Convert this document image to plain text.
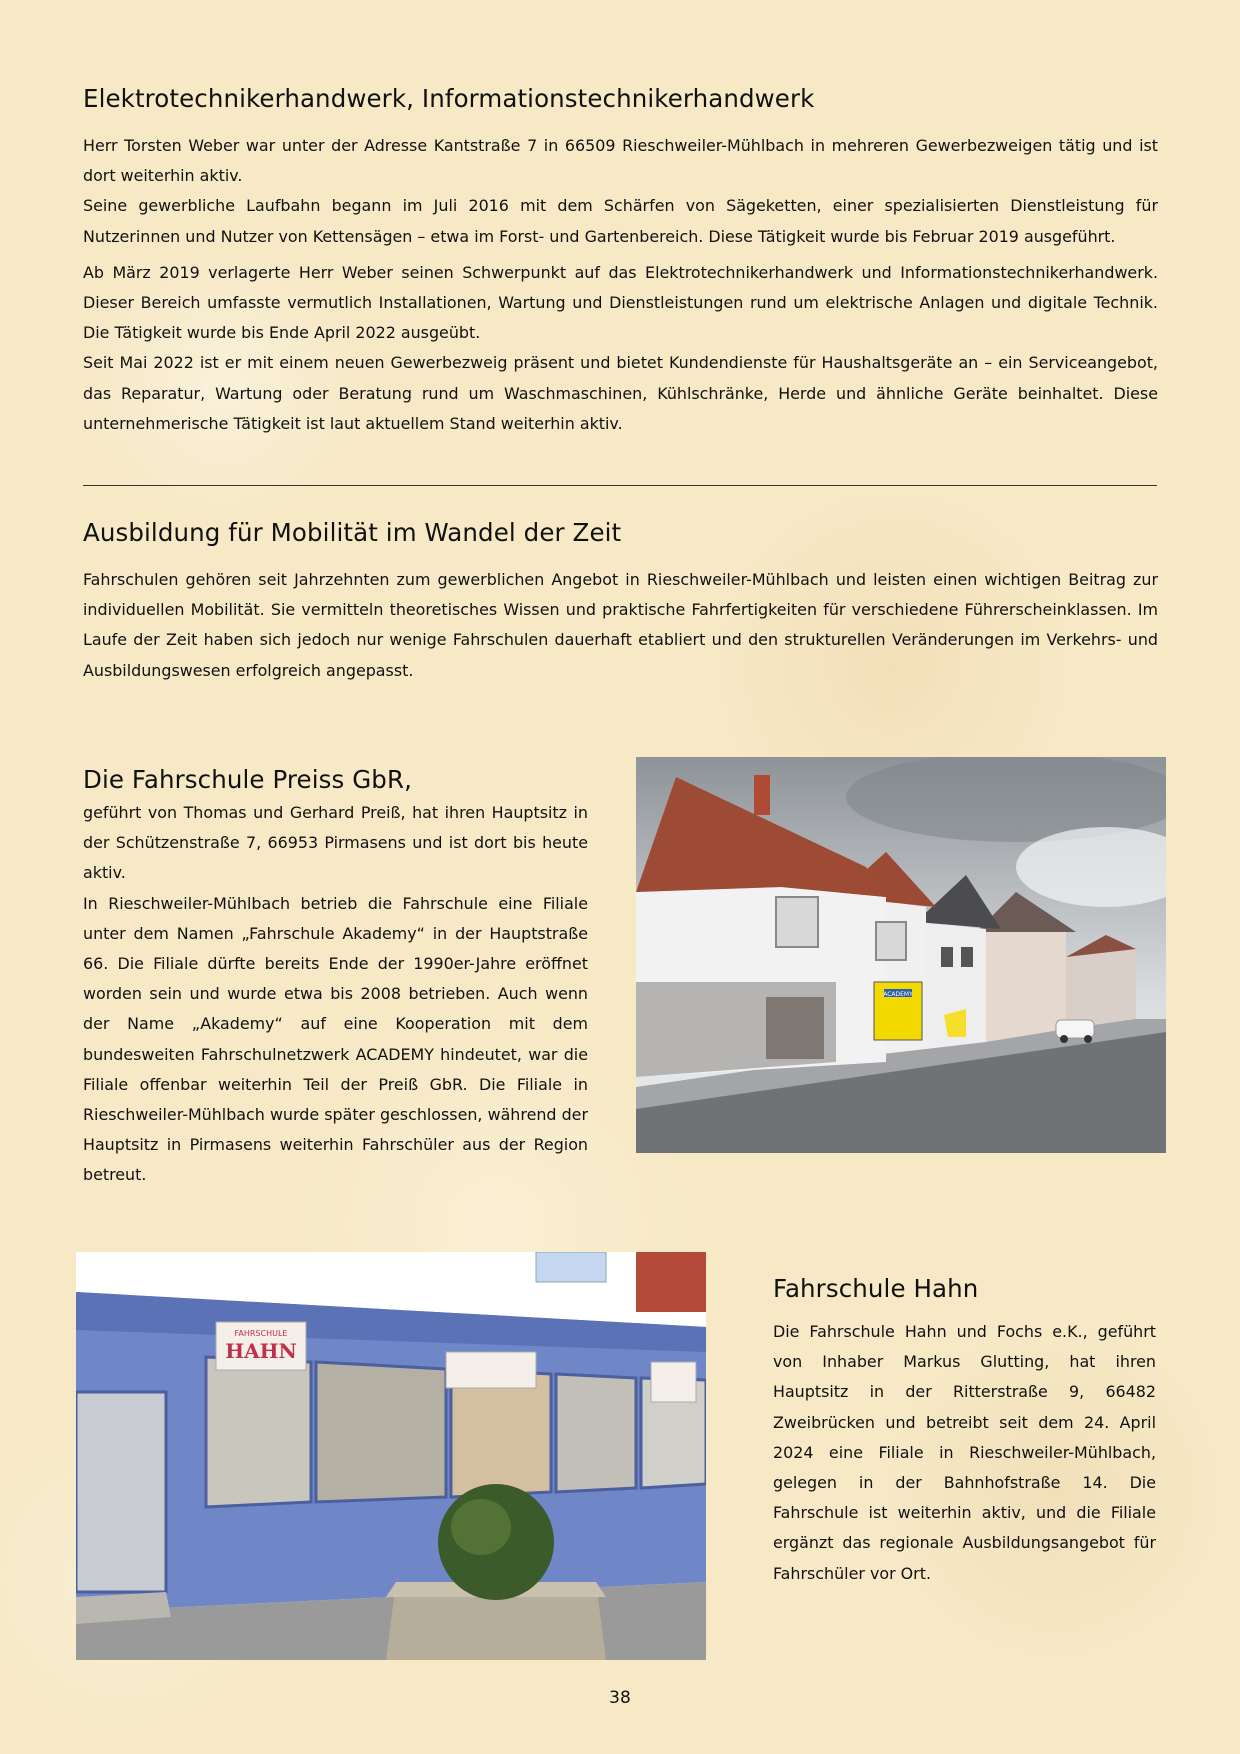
Elektrotechnikerhandwerk, Informationstechnikerhandwerk

Herr Torsten Weber war unter der Adresse Kantstraße 7 in 66509 Rieschweiler-Mühlbach in mehreren Gewerbezweigen tätig und ist dort weiterhin aktiv.

Seine gewerbliche Laufbahn begann im Juli 2016 mit dem Schärfen von Sägeketten, einer spezialisierten Dienstleistung für Nutzerinnen und Nutzer von Kettensägen – etwa im Forst- und Gartenbereich. Diese Tätigkeit wurde bis Februar 2019 ausgeführt.

Ab März 2019 verlagerte Herr Weber seinen Schwerpunkt auf das Elektrotechnikerhandwerk und Informationstechnikerhandwerk. Dieser Bereich umfasste vermutlich Installationen, Wartung und Dienstleistungen rund um elektrische Anlagen und digitale Technik. Die Tätigkeit wurde bis Ende April 2022 ausgeübt.

Seit Mai 2022 ist er mit einem neuen Gewerbezweig präsent und bietet Kundendienste für Haushaltsgeräte an – ein Serviceangebot, das Reparatur, Wartung oder Beratung rund um Waschmaschinen, Kühlschränke, Herde und ähnliche Geräte beinhaltet. Diese unternehmerische Tätigkeit ist laut aktuellem Stand weiterhin aktiv.

Ausbildung für Mobilität im Wandel der Zeit

Fahrschulen gehören seit Jahrzehnten zum gewerblichen Angebot in Rieschweiler-Mühlbach und leisten einen wichtigen Beitrag zur individuellen Mobilität. Sie vermitteln theoretisches Wissen und praktische Fahrfertigkeiten für verschiedene Führerscheinklassen. Im Laufe der Zeit haben sich jedoch nur wenige Fahrschulen dauerhaft etabliert und den strukturellen Veränderungen im Verkehrs- und Ausbildungswesen erfolgreich angepasst.

Die Fahrschule Preiss GbR,

geführt von Thomas und Gerhard Preiß, hat ihren Hauptsitz in der Schützenstraße 7, 66953 Pirmasens und ist dort bis heute aktiv.

In Rieschweiler-Mühlbach betrieb die Fahrschule eine Filiale unter dem Namen „Fahrschule Akademy“ in der Hauptstraße 66. Die Filiale dürfte bereits Ende der 1990er-Jahre eröffnet worden sein und wurde etwa bis 2008 betrieben. Auch wenn der Name „Akademy“ auf eine Kooperation mit dem bundesweiten Fahrschulnetzwerk ACADEMY hindeutet, war die Filiale offenbar weiterhin Teil der Preiß GbR. Die Filiale in Rieschweiler-Mühlbach wurde später geschlossen, während der Hauptsitz in Pirmasens weiterhin Fahrschüler aus der Region betreut.

ACADEMY
FAHRSCHULE
HAHN
Fahrschule Hahn

Die Fahrschule Hahn und Fochs e.K., geführt von Inhaber Markus Glutting, hat ihren Hauptsitz in der Ritterstraße 9, 66482 Zweibrücken und betreibt seit dem 24. April 2024 eine Filiale in Rieschweiler-Mühlbach, gelegen in der Bahnhofstraße 14. Die Fahrschule ist weiterhin aktiv, und die Filiale ergänzt das regionale Ausbildungsangebot für Fahrschüler vor Ort.

38
